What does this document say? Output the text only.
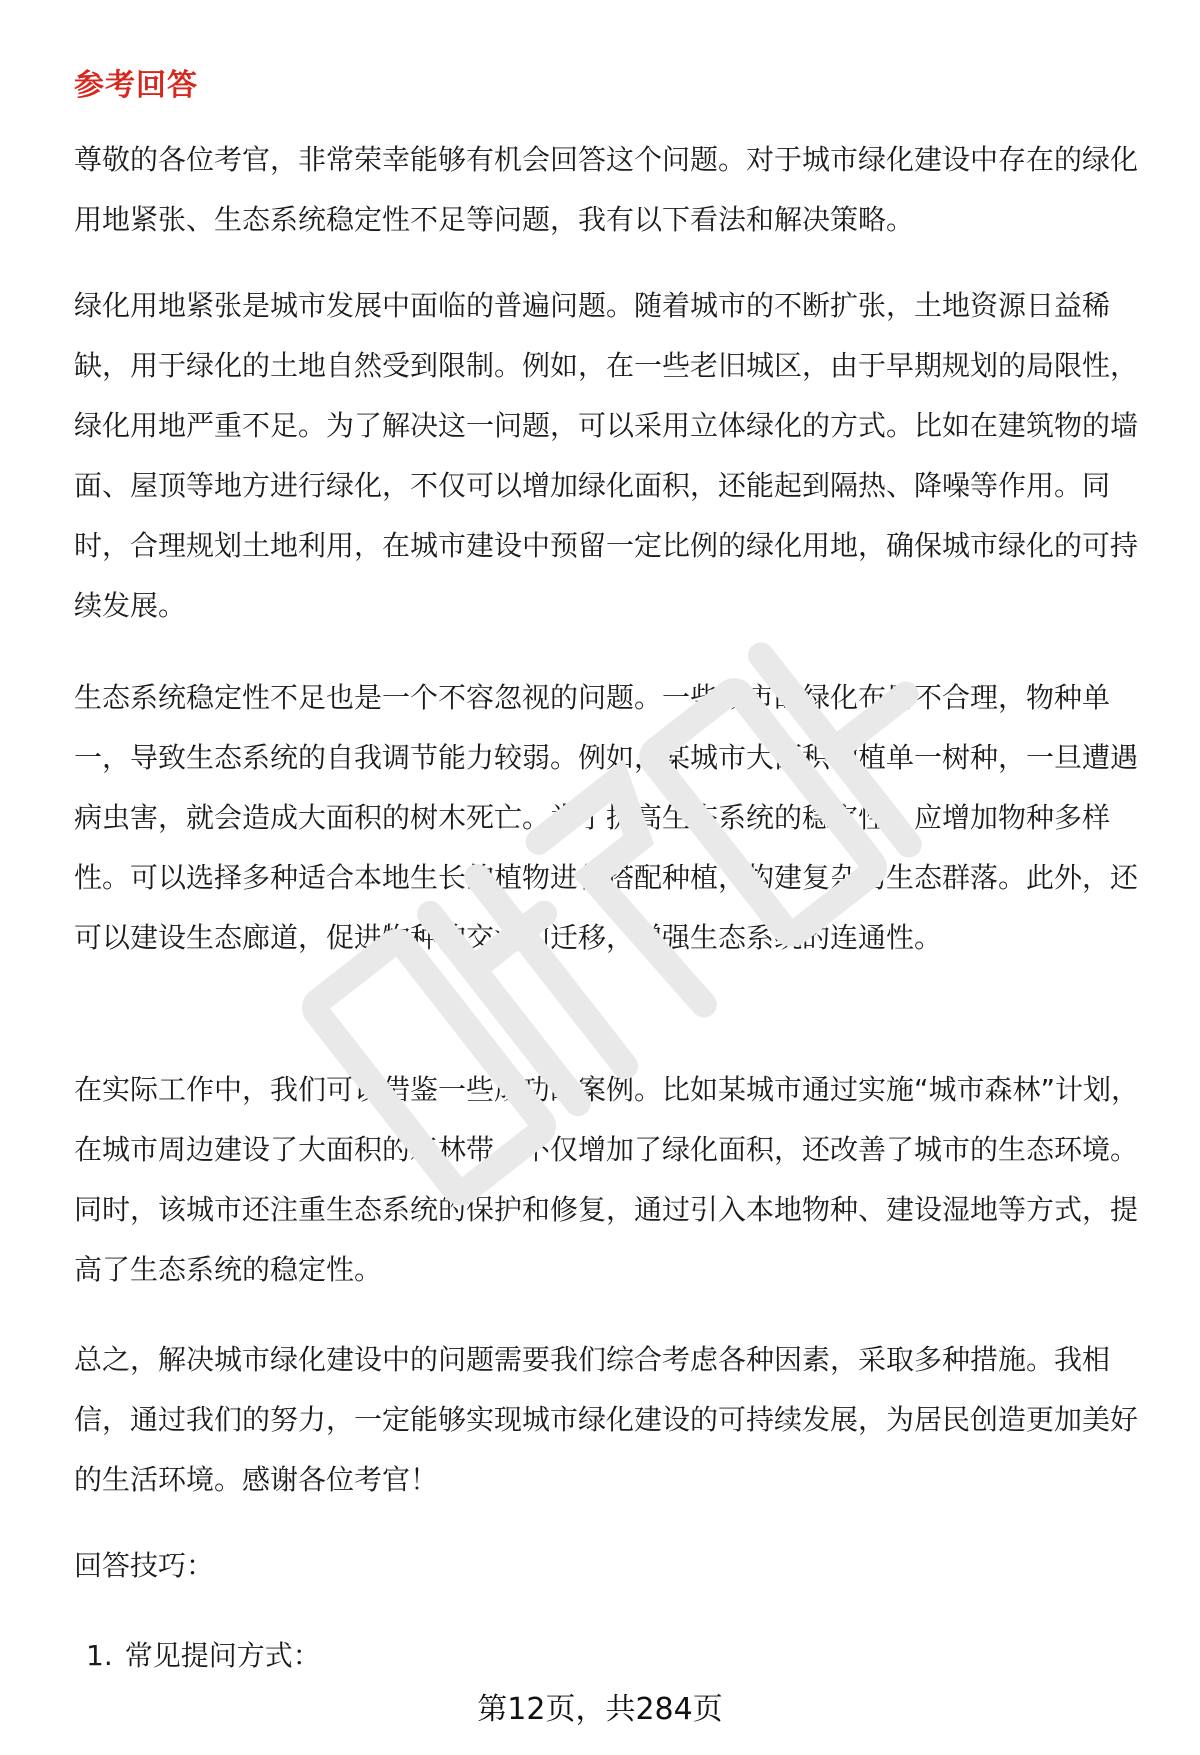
参考回答

尊敬的各位考官，非常荣幸能够有机会回答这个问题。对于城市绿化建设中存在的绿化用地紧张、生态系统稳定性不足等问题，我有以下看法和解决策略。

绿化用地紧张是城市发展中面临的普遍问题。随着城市的不断扩张，土地资源日益稀缺，用于绿化的土地自然受到限制。例如，在一些老旧城区，由于早期规划的局限性，绿化用地严重不足。为了解决这一问题，可以采用立体绿化的方式。比如在建筑物的墙面、屋顶等地方进行绿化，不仅可以增加绿化面积，还能起到隔热、降噪等作用。同时，合理规划土地利用，在城市建设中预留一定比例的绿化用地，确保城市绿化的可持续发展。

生态系统稳定性不足也是一个不容忽视的问题。一些城市的绿化布局不合理，物种单一，导致生态系统的自我调节能力较弱。例如，某城市大面积种植单一树种，一旦遭遇病虫害，就会造成大面积的树木死亡。为了提高生态系统的稳定性，应增加物种多样性。可以选择多种适合本地生长的植物进行搭配种植，构建复杂的生态群落。此外，还可以建设生态廊道，促进物种的交流和迁移，增强生态系统的连通性。

在实际工作中，我们可以借鉴一些成功的案例。比如某城市通过实施“城市森林”计划，在城市周边建设了大面积的森林带，不仅增加了绿化面积，还改善了城市的生态环境。同时，该城市还注重生态系统的保护和修复，通过引入本地物种、建设湿地等方式，提高了生态系统的稳定性。

总之，解决城市绿化建设中的问题需要我们综合考虑各种因素，采取多种措施。我相信，通过我们的努力，一定能够实现城市绿化建设的可持续发展，为居民创造更加美好的生活环境。感谢各位考官！

回答技巧：

1. 常见提问方式：

第12页，共284页
